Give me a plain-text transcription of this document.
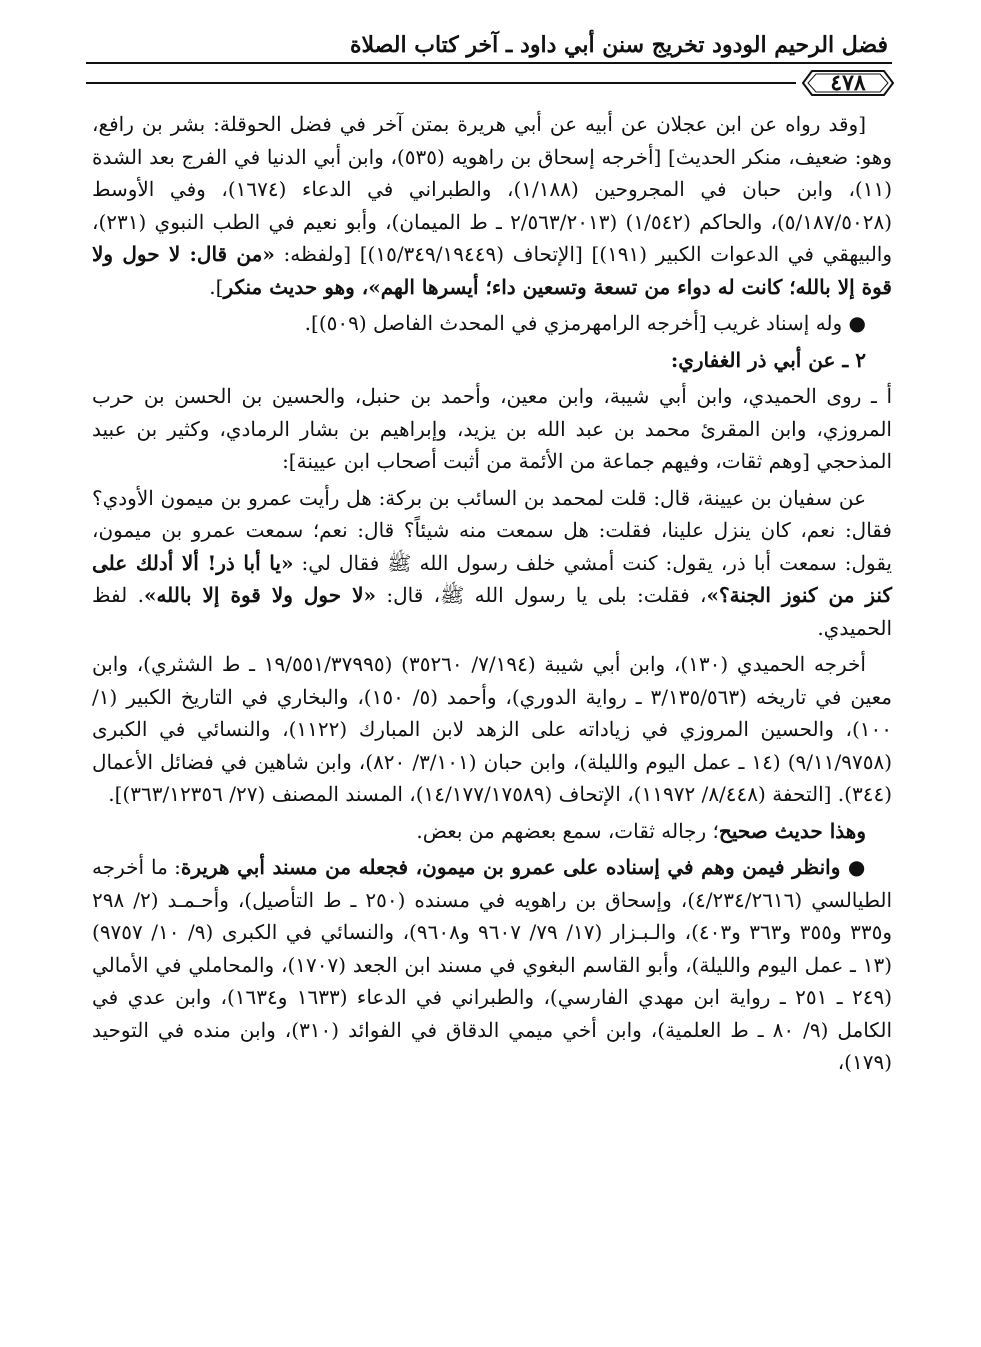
فضل الرحيم الودود تخريج سنن أبي داود ـ آخر كتاب الصلاة
٤٧٨

[وقد رواه عن ابن عجلان عن أبيه عن أبي هريرة بمتن آخر في فضل الحوقلة: بشر بن رافع، وهو: ضعيف، منكر الحديث] [أخرجه إسحاق بن راهويه (٥٣٥)، وابن أبي الدنيا في الفرج بعد الشدة (١١)، وابن حبان في المجروحين (١/١٨٨)، والطبراني في الدعاء (١٦٧٤)، وفي الأوسط (٥/١٨٧/٥٠٢٨)، والحاكم (١/٥٤٢) (٢/٥٦٣/٢٠١٣ ـ ط الميمان)، وأبو نعيم في الطب النبوي (٢٣١)، والبيهقي في الدعوات الكبير (١٩١)] [الإتحاف (١٥/٣٤٩/١٩٤٤٩)] [ولفظه: «من قال: لا حول ولا قوة إلا بالله؛ كانت له دواء من تسعة وتسعين داء؛ أيسرها الهم»، وهو حديث منكر].

● وله إسناد غريب [أخرجه الرامهرمزي في المحدث الفاصل (٥٠٩)].

٢ ـ عن أبي ذر الغفاري:

أ ـ روى الحميدي، وابن أبي شيبة، وابن معين، وأحمد بن حنبل، والحسين بن الحسن بن حرب المروزي، وابن المقرئ محمد بن عبد الله بن يزيد، وإبراهيم بن بشار الرمادي، وكثير بن عبيد المذحجي [وهم ثقات، وفيهم جماعة من الأئمة من أثبت أصحاب ابن عيينة]:

عن سفيان بن عيينة، قال: قلت لمحمد بن السائب بن بركة: هل رأيت عمرو بن ميمون الأودي؟ فقال: نعم، كان ينزل علينا، فقلت: هل سمعت منه شيئاً؟ قال: نعم؛ سمعت عمرو بن ميمون، يقول: سمعت أبا ذر، يقول: كنت أمشي خلف رسول الله ﷺ فقال لي: «يا أبا ذر! ألا أدلك على كنز من كنوز الجنة؟»، فقلت: بلى يا رسول الله ﷺ، قال: «لا حول ولا قوة إلا بالله». لفظ الحميدي.

أخرجه الحميدي (١٣٠)، وابن أبي شيبة (٧/١٩٤/ ٣٥٢٦٠) (١٩/٥٥١/٣٧٩٩٥ ـ ط الشثري)، وابن معين في تاريخه (٣/١٣٥/٥٦٣ ـ رواية الدوري)، وأحمد (٥/ ١٥٠)، والبخاري في التاريخ الكبير (١/ ١٠٠)، والحسين المروزي في زياداته على الزهد لابن المبارك (١١٢٢)، والنسائي في الكبرى (٩/١١/٩٧٥٨) (١٤ ـ عمل اليوم والليلة)، وابن حبان (٣/١٠١/ ٨٢٠)، وابن شاهين في فضائل الأعمال (٣٤٤). [التحفة (٨/٤٤٨/ ١١٩٧٢)، الإتحاف (١٤/١٧٧/١٧٥٨٩)، المسند المصنف (٢٧/ ٣٦٣/١٢٣٥٦)].

وهذا حديث صحيح؛ رجاله ثقات، سمع بعضهم من بعض.

● وانظر فيمن وهم في إسناده على عمرو بن ميمون، فجعله من مسند أبي هريرة: ما أخرجه الطيالسي (٤/٢٣٤/٢٦١٦)، وإسحاق بن راهويه في مسنده (٢٥٠ ـ ط التأصيل)، وأحـمـد (٢/ ٢٩٨ و٣٣٥ و٣٥٥ و٣٦٣ و٤٠٣)، والـبـزار (١٧/ ٧٩/ ٩٦٠٧ و٩٦٠٨)، والنسائي في الكبرى (٩/ ١٠/ ٩٧٥٧) (١٣ ـ عمل اليوم والليلة)، وأبو القاسم البغوي في مسند ابن الجعد (١٧٠٧)، والمحاملي في الأمالي (٢٤٩ ـ ٢٥١ ـ رواية ابن مهدي الفارسي)، والطبراني في الدعاء (١٦٣٣ و١٦٣٤)، وابن عدي في الكامل (٩/ ٨٠ ـ ط العلمية)، وابن أخي ميمي الدقاق في الفوائد (٣١٠)، وابن منده في التوحيد (١٧٩)،
